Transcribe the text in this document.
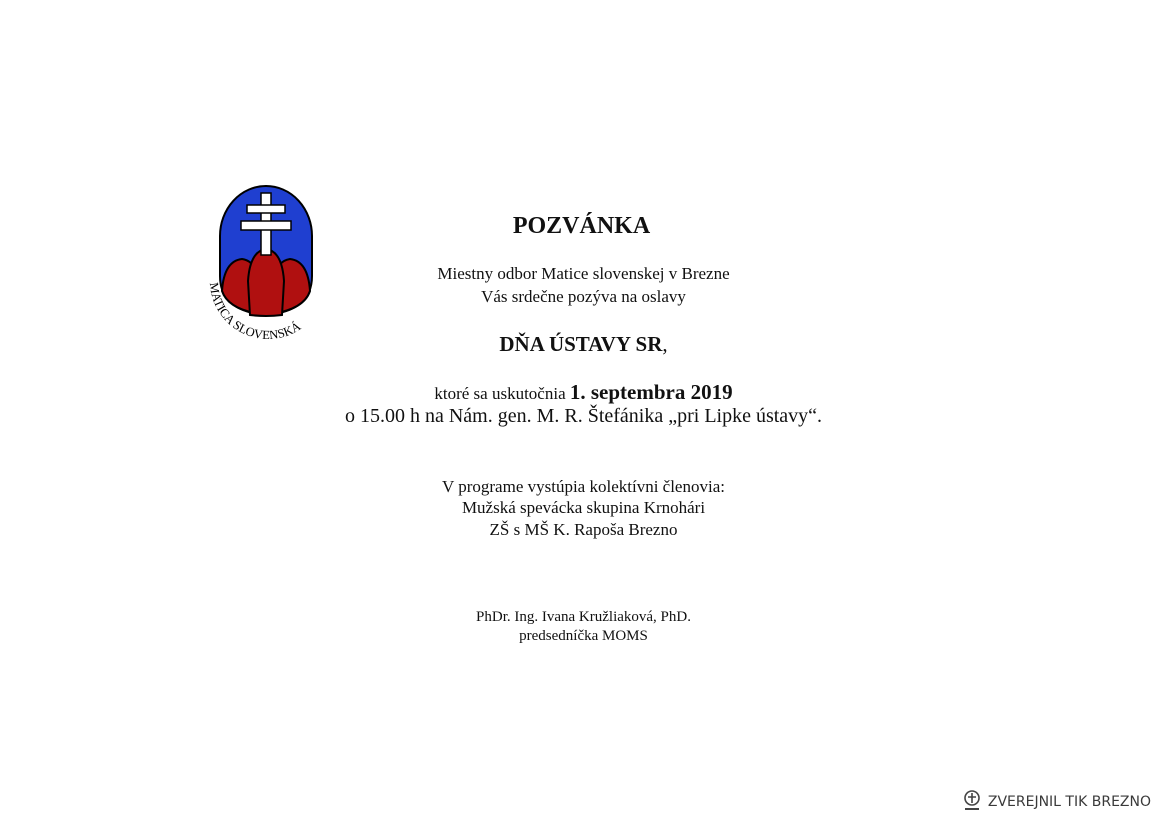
MATICA SLOVENSKÁ
POZVÁNKA
Miestny odbor Matice slovenskej v Brezne
Vás srdečne pozýva na oslavy
DŇA ÚSTAVY SR,
ktoré sa uskutočnia 1. septembra 2019
o 15.00 h na Nám. gen. M. R. Štefánika „pri Lipke ústavy“.
V programe vystúpia kolektívni členovia:
Mužská spevácka skupina Krnohári
ZŠ s MŠ K. Rapoša Brezno
PhDr. Ing. Ivana Kružliaková, PhD.
predsedníčka MOMS
ZVEREJNIL TIK BREZNO
